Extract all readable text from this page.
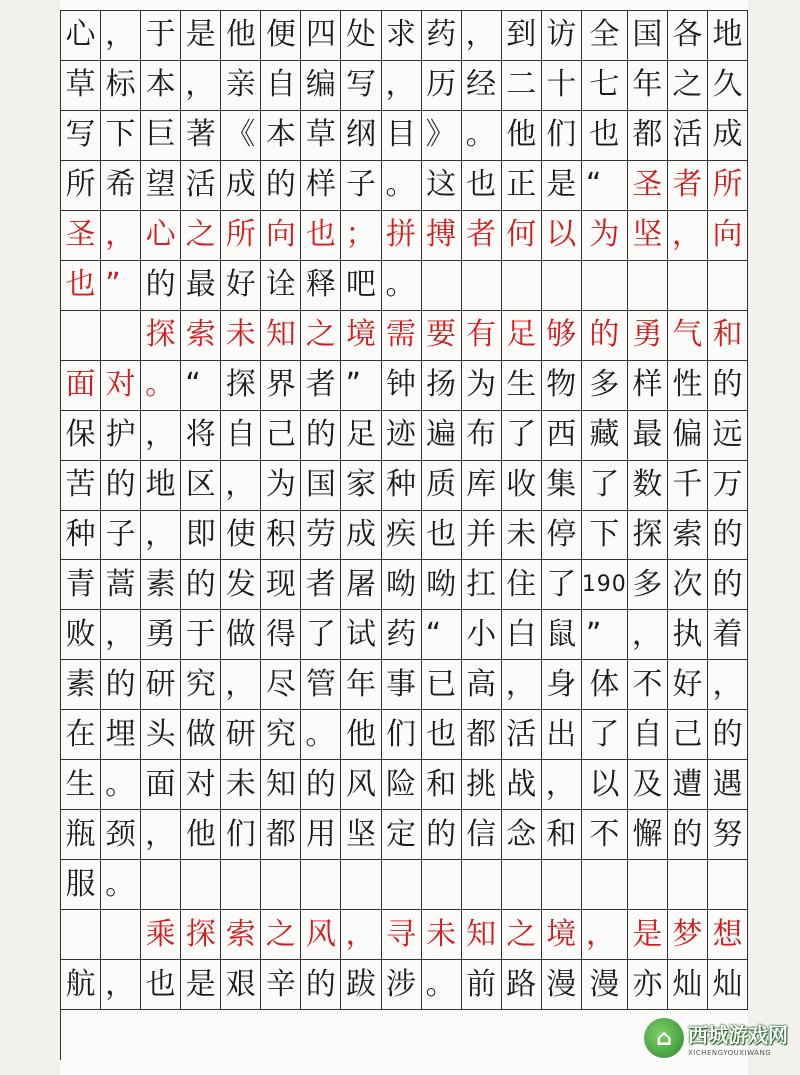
心 ， 于 是 他 便 四 处 求 药 ， 到 访 全 国 各 地
草 标 本 ， 亲 自 编 写 ， 历 经 二 十 七 年 之 久
写 下 巨 著 《 本 草 纲 目 》 。 他 们 也 都 活 成
所 希 望 活 成 的 样 子 。 这 也 正 是 “	圣 者 所
圣 ， 心 之 所 向 也 ； 拼 搏 者 何 以 为 坚 ， 向
也 ” 的 最 好 诠 释 吧 。
探 索 未 知 之 境 需 要 有 足 够 的 勇 气 和
面 对 。 “ 探 界 者 ” 钟 扬 为 生 物 多 样 性 的
保 护 ， 将 自 己 的 足 迹 遍 布 了 西 藏 最 偏 远
苦 的 地 区 ， 为 国 家 种 质 库 收 集 了 数 千 万
种 子 ， 即 使 积 劳 成 疾 也 并 未 停 下 探 索 的
青 蒿 素 的 发 现 者 屠 呦 呦 扛 住 了 190 多 次 的
败 ， 勇 于 做 得 了 试 药 “ 小 白 鼠 ”	， 执 着
素 的 研 究 ， 尽 管 年 事 已 高 ， 身 体 不 好 ，
在 埋 头 做 研 究 。 他 们 也 都 活 出 了 自 己 的
生 。 面 对 未 知 的 风 险 和 挑 战 ， 以 及 遭 遇
瓶 颈 ， 他 们 都 用 坚 定 的 信 念 和 不 懈 的 努
服 。
乘 探 索 之 风 ， 寻 未 知 之 境 ， 是 梦 想
航 ， 也 是 艰 辛 的 跋 涉 。 前 路 漫 漫 亦 灿 灿
⌂ 西城游戏网
XICHENGYOUXIWANG
